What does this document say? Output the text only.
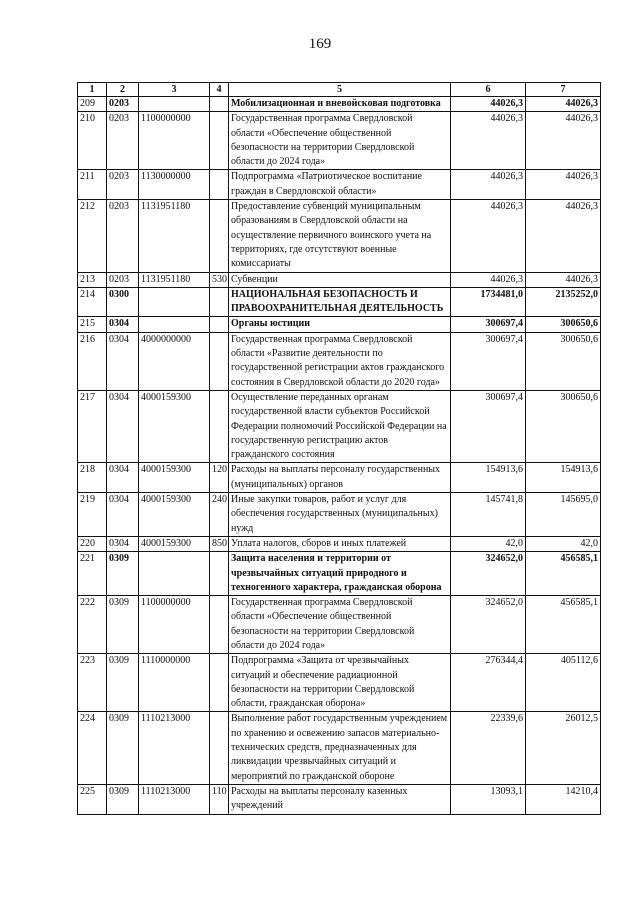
169
1	2	3	4	5	6	7
209	0203			Мобилизационная и вневойсковая подготовка	44026,3	44026,3
210	0203	1100000000		Государственная программа Свердловской области «Обеспечение общественной безопасности на территории Свердловской области до 2024 года»	44026,3	44026,3
211	0203	1130000000		Подпрограмма «Патриотическое воспитание граждан в Свердловской области»	44026,3	44026,3
212	0203	1131951180		Предоставление субвенций муниципальным образованиям в Свердловской области на осуществление первичного воинского учета на территориях, где отсутствуют военные комиссариаты	44026,3	44026,3
213	0203	1131951180	530	Субвенции	44026,3	44026,3
214	0300			НАЦИОНАЛЬНАЯ БЕЗОПАСНОСТЬ И ПРАВООХРАНИТЕЛЬНАЯ ДЕЯТЕЛЬНОСТЬ	1734481,0	2135252,0
215	0304			Органы юстиции	300697,4	300650,6
216	0304	4000000000		Государственная программа Свердловской области «Развитие деятельности по государственной регистрации актов гражданского состояния в Свердловской области до 2020 года»	300697,4	300650,6
217	0304	4000159300		Осуществление переданных органам государственной власти субъектов Российской Федерации полномочий Российской Федерации на государственную регистрацию актов гражданского состояния	300697,4	300650,6
218	0304	4000159300	120	Расходы на выплаты персоналу государственных (муниципальных) органов	154913,6	154913,6
219	0304	4000159300	240	Иные закупки товаров, работ и услуг для обеспечения государственных (муниципальных) нужд	145741,8	145695,0
220	0304	4000159300	850	Уплата налогов, сборов и иных платежей	42,0	42,0
221	0309			Защита населения и территории от чрезвычайных ситуаций природного и техногенного характера, гражданская оборона	324652,0	456585,1
222	0309	1100000000		Государственная программа Свердловской области «Обеспечение общественной безопасности на территории Свердловской области до 2024 года»	324652,0	456585,1
223	0309	1110000000		Подпрограмма «Защита от чрезвычайных ситуаций и обеспечение радиационной безопасности на территории Свердловской области, гражданская оборона»	276344,4	405112,6
224	0309	1110213000		Выполнение работ государственным учреждением по хранению и освежению запасов материально-технических средств, предназначенных для ликвидации чрезвычайных ситуаций и мероприятий по гражданской обороне	22339,6	26012,5
225	0309	1110213000	110	Расходы на выплаты персоналу казенных учреждений	13093,1	14210,4
